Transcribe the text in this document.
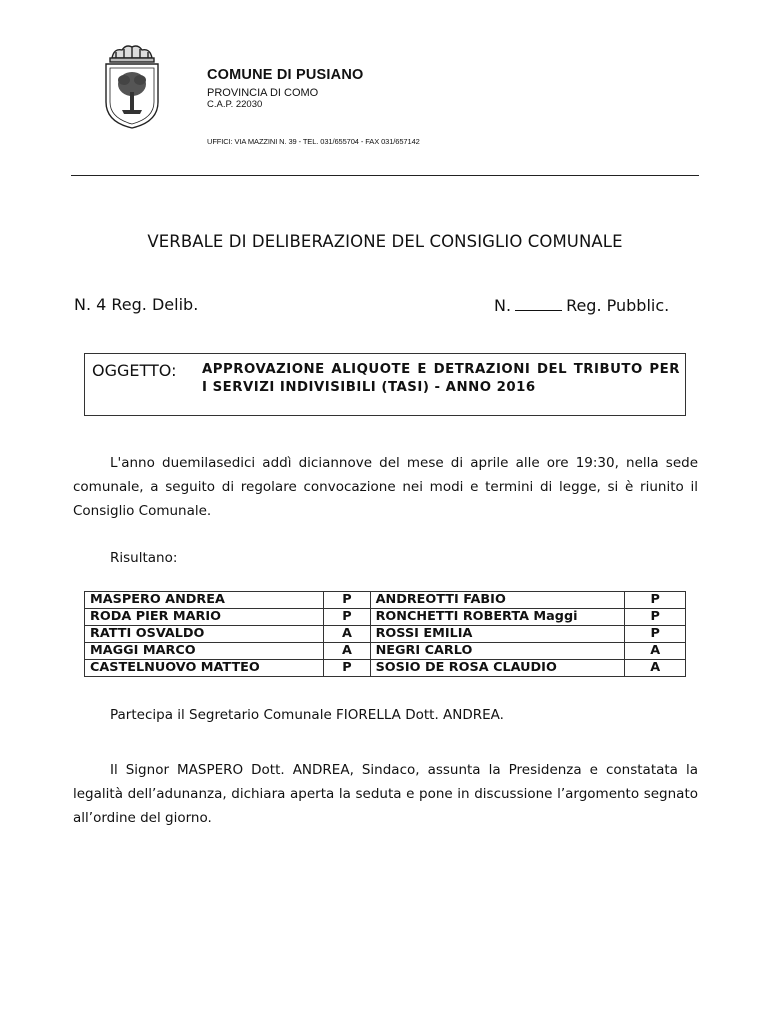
COMUNE DI PUSIANO
PROVINCIA DI COMO
C.A.P. 22030
UFFICI: VIA MAZZINI N. 39 - TEL. 031/655704 - FAX 031/657142
VERBALE DI DELIBERAZIONE DEL CONSIGLIO COMUNALE
N. 4 Reg. Delib.	N.	Reg. Pubblic.
OGGETTO: APPROVAZIONE ALIQUOTE E DETRAZIONI DEL TRIBUTO PER I SERVIZI INDIVISIBILI (TASI) - ANNO 2016
L'anno duemilasedici addì diciannove del mese di aprile alle ore 19:30, nella sede comunale, a seguito di regolare convocazione nei modi e termini di legge, si è riunito il Consiglio Comunale.
Risultano:
MASPERO ANDREA	P	ANDREOTTI FABIO	P
RODA PIER MARIO	P	RONCHETTI ROBERTA Maggi	P
RATTI OSVALDO	A	ROSSI EMILIA	P
MAGGI MARCO	A	NEGRI CARLO	A
CASTELNUOVO MATTEO	P	SOSIO DE ROSA CLAUDIO	A
Partecipa il Segretario Comunale FIORELLA Dott. ANDREA.
Il Signor MASPERO Dott. ANDREA, Sindaco, assunta la Presidenza e constatata la legalità dell’adunanza, dichiara aperta la seduta e pone in discussione l’argomento segnato all’ordine del giorno.
